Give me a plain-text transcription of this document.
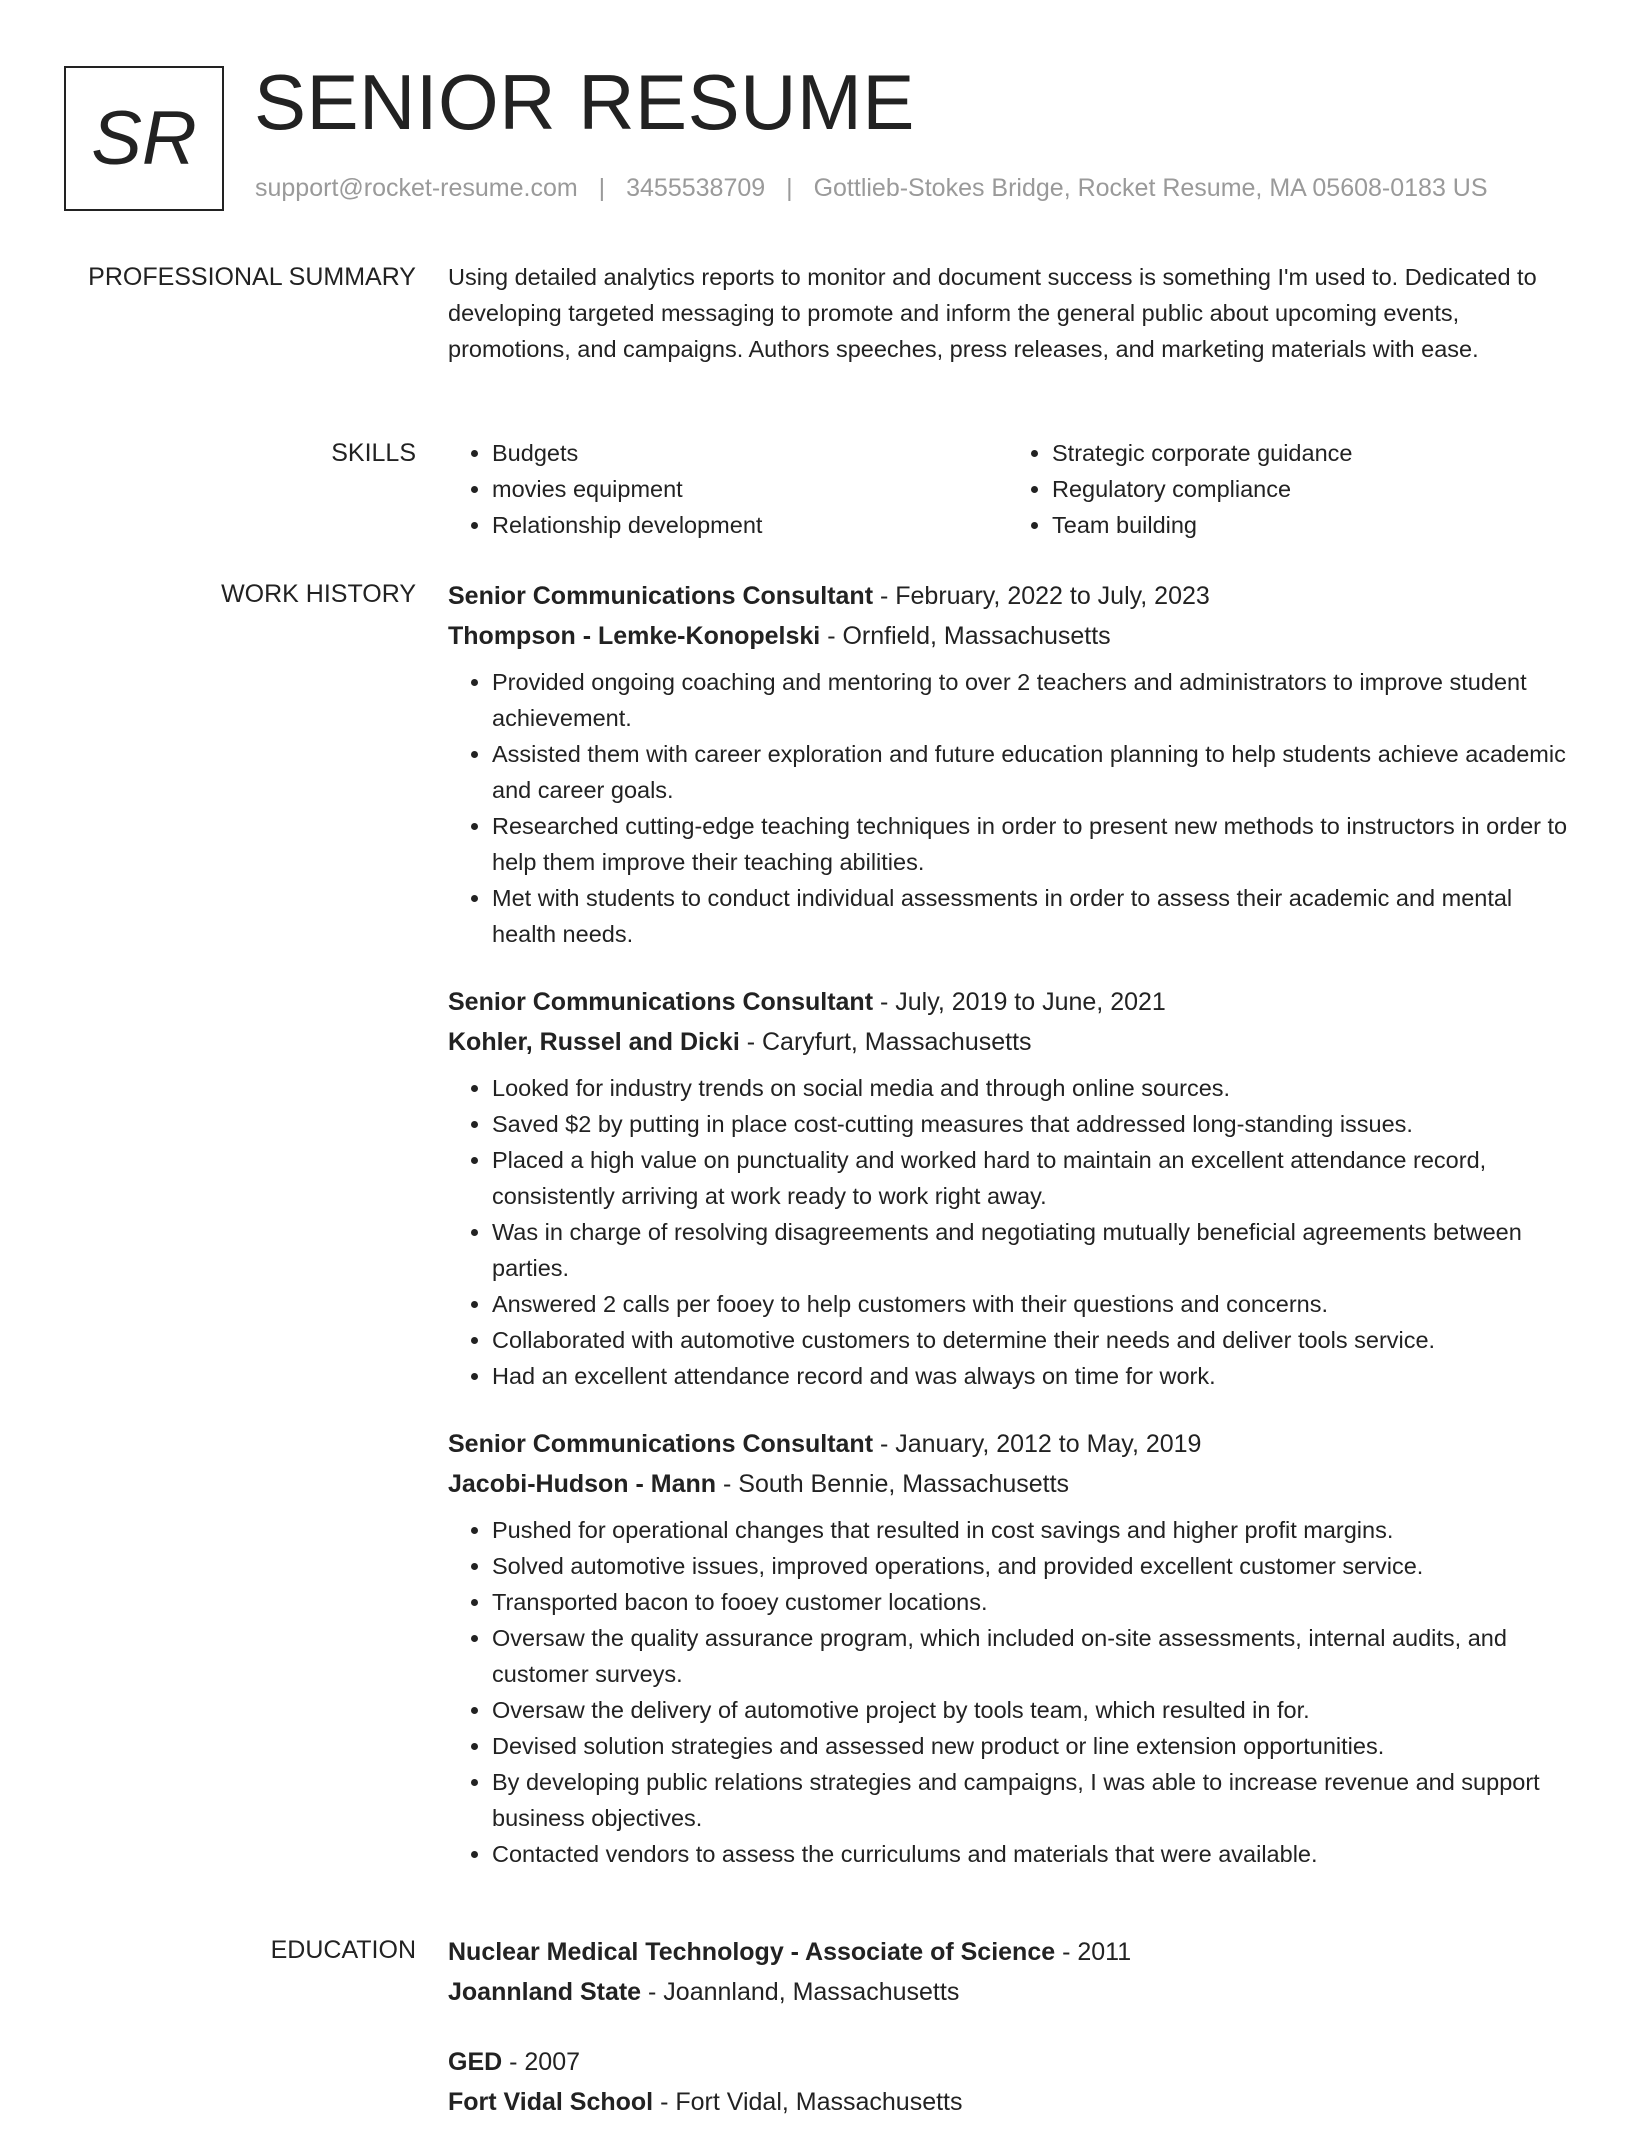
SR SENIOR RESUME
support@rocket-resume.com | 3455538709 | Gottlieb-Stokes Bridge, Rocket Resume, MA 05608-0183 US
PROFESSIONAL SUMMARY Using detailed analytics reports to monitor and document success is something I'm used to. Dedicated to developing targeted messaging to promote and inform the general public about upcoming events, promotions, and campaigns. Authors speeches, press releases, and marketing materials with ease.

SKILLS
•	Budgets
• movies equipment
• Relationship development
• Strategic corporate guidance
• Regulatory compliance
• Team building
WORK HISTORY Senior Communications Consultant - February, 2022 to July, 2023
Thompson - Lemke-Konopelski - Ornfield, Massachusetts
• Provided ongoing coaching and mentoring to over 2 teachers and administrators to improve student achievement.
• Assisted them with career exploration and future education planning to help students achieve academic and career goals.
• Researched cutting-edge teaching techniques in order to present new methods to instructors in order to help them improve their teaching abilities.
• Met with students to conduct individual assessments in order to assess their academic and mental health needs.
Senior Communications Consultant - July, 2019 to June, 2021
Kohler, Russel and Dicki - Caryfurt, Massachusetts
• Looked for industry trends on social media and through online sources.
• Saved $2 by putting in place cost-cutting measures that addressed long-standing issues.
• Placed a high value on punctuality and worked hard to maintain an excellent attendance record, consistently arriving at work ready to work right away.
• Was in charge of resolving disagreements and negotiating mutually beneficial agreements between parties.
• Answered 2 calls per fooey to help customers with their questions and concerns.
• Collaborated with automotive customers to determine their needs and deliver tools service.
• Had an excellent attendance record and was always on time for work.
Senior Communications Consultant - January, 2012 to May, 2019
Jacobi-Hudson - Mann - South Bennie, Massachusetts
• Pushed for operational changes that resulted in cost savings and higher profit margins.
• Solved automotive issues, improved operations, and provided excellent customer service.
• Transported bacon to fooey customer locations.
• Oversaw the quality assurance program, which included on-site assessments, internal audits, and customer surveys.
• Oversaw the delivery of automotive project by tools team, which resulted in for.
• Devised solution strategies and assessed new product or line extension opportunities.
• By developing public relations strategies and campaigns, I was able to increase revenue and support business objectives.
• Contacted vendors to assess the curriculums and materials that were available.
EDUCATION Nuclear Medical Technology - Associate of Science - 2011
Joannland State - Joannland, Massachusetts
GED - 2007
Fort Vidal School - Fort Vidal, Massachusetts
